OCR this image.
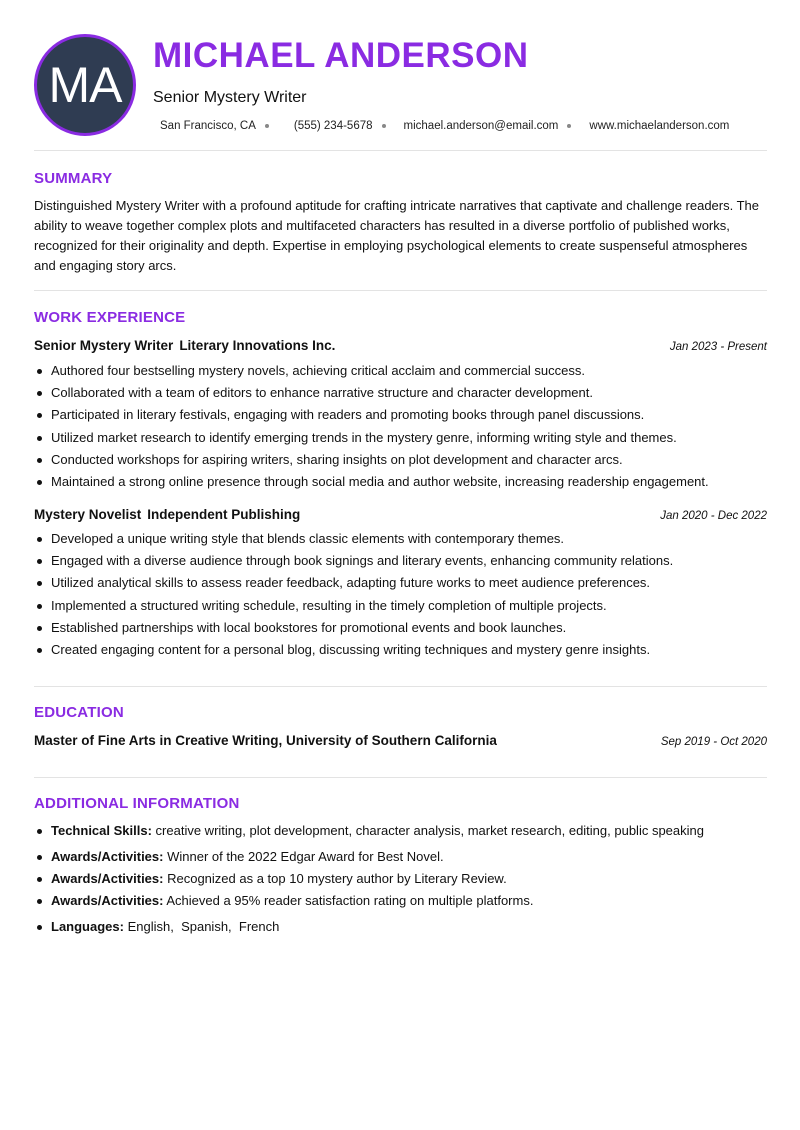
MA
MICHAEL ANDERSON
Senior Mystery Writer
San Francisco, CA	(555) 234-5678	michael.anderson@email.com	www.michaelanderson.com
SUMMARY
Distinguished Mystery Writer with a profound aptitude for crafting intricate narratives that captivate and challenge readers. The ability to weave together complex plots and multifaceted characters has resulted in a diverse portfolio of published works, recognized for their originality and depth. Expertise in employing psychological elements to create suspenseful atmospheres and engaging story arcs.
WORK EXPERIENCE
Senior Mystery Writer Literary Innovations Inc.	Jan 2023 - Present
Authored four bestselling mystery novels, achieving critical acclaim and commercial success.
Collaborated with a team of editors to enhance narrative structure and character development.
Participated in literary festivals, engaging with readers and promoting books through panel discussions.
Utilized market research to identify emerging trends in the mystery genre, informing writing style and themes.
Conducted workshops for aspiring writers, sharing insights on plot development and character arcs.
Maintained a strong online presence through social media and author website, increasing readership engagement.
Mystery Novelist Independent Publishing	Jan 2020 - Dec 2022
Developed a unique writing style that blends classic elements with contemporary themes.
Engaged with a diverse audience through book signings and literary events, enhancing community relations.
Utilized analytical skills to assess reader feedback, adapting future works to meet audience preferences.
Implemented a structured writing schedule, resulting in the timely completion of multiple projects.
Established partnerships with local bookstores for promotional events and book launches.
Created engaging content for a personal blog, discussing writing techniques and mystery genre insights.
EDUCATION
Master of Fine Arts in Creative Writing, University of Southern California	Sep 2019 - Oct 2020
ADDITIONAL INFORMATION
Technical Skills: creative writing, plot development, character analysis, market research, editing, public speaking
Awards/Activities: Winner of the 2022 Edgar Award for Best Novel.
Awards/Activities: Recognized as a top 10 mystery author by Literary Review.
Awards/Activities: Achieved a 95% reader satisfaction rating on multiple platforms.
Languages: English,  Spanish,  French
